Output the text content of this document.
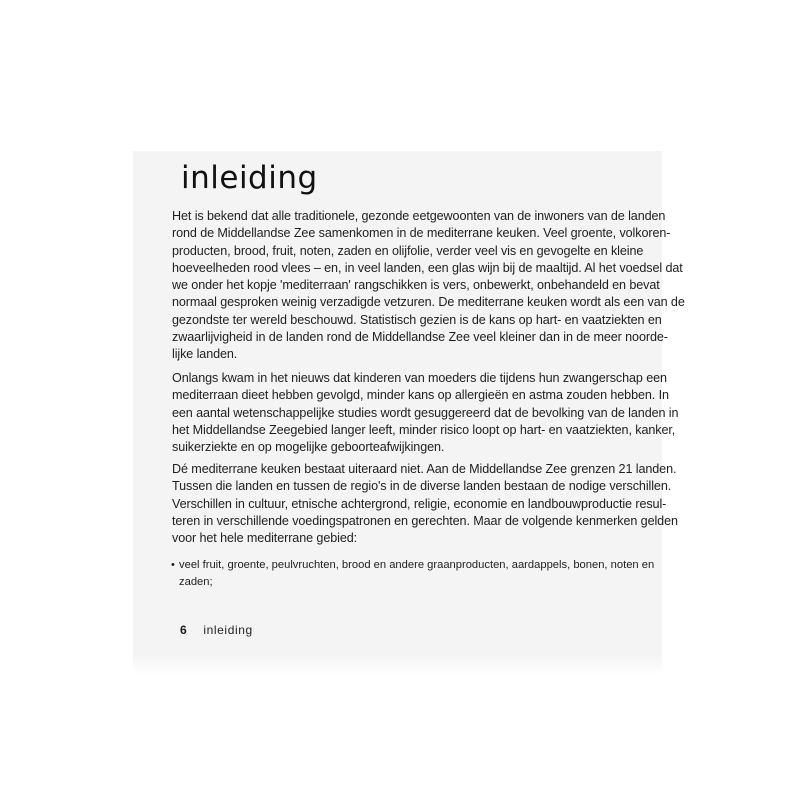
inleiding

Het is bekend dat alle traditionele, gezonde eetgewoonten van de inwoners van de landen
rond de Middellandse Zee samenkomen in de mediterrane keuken. Veel groente, volkoren-
producten, brood, fruit, noten, zaden en olijfolie, verder veel vis en gevogelte en kleine
hoeveelheden rood vlees – en, in veel landen, een glas wijn bij de maaltijd. Al het voedsel dat
we onder het kopje 'mediterraan' rangschikken is vers, onbewerkt, onbehandeld en bevat
normaal gesproken weinig verzadigde vetzuren. De mediterrane keuken wordt als een van de
gezondste ter wereld beschouwd. Statistisch gezien is de kans op hart- en vaatziekten en
zwaarlijvigheid in de landen rond de Middellandse Zee veel kleiner dan in de meer noorde-
lijke landen.

Onlangs kwam in het nieuws dat kinderen van moeders die tijdens hun zwangerschap een
mediterraan dieet hebben gevolgd, minder kans op allergieën en astma zouden hebben. In
een aantal wetenschappelijke studies wordt gesuggereerd dat de bevolking van de landen in
het Middellandse Zeegebied langer leeft, minder risico loopt op hart- en vaatziekten, kanker,
suikerziekte en op mogelijke geboorteafwijkingen.

Dé mediterrane keuken bestaat uiteraard niet. Aan de Middellandse Zee grenzen 21 landen.
Tussen die landen en tussen de regio's in de diverse landen bestaan de nodige verschillen.
Verschillen in cultuur, etnische achtergrond, religie, economie en landbouwproductie resul-
teren in verschillende voedingspatronen en gerechten. Maar de volgende kenmerken gelden
voor het hele mediterrane gebied:

• veel fruit, groente, peulvruchten, brood en andere graanproducten, aardappels, bonen, noten en
zaden;
6 inleiding
